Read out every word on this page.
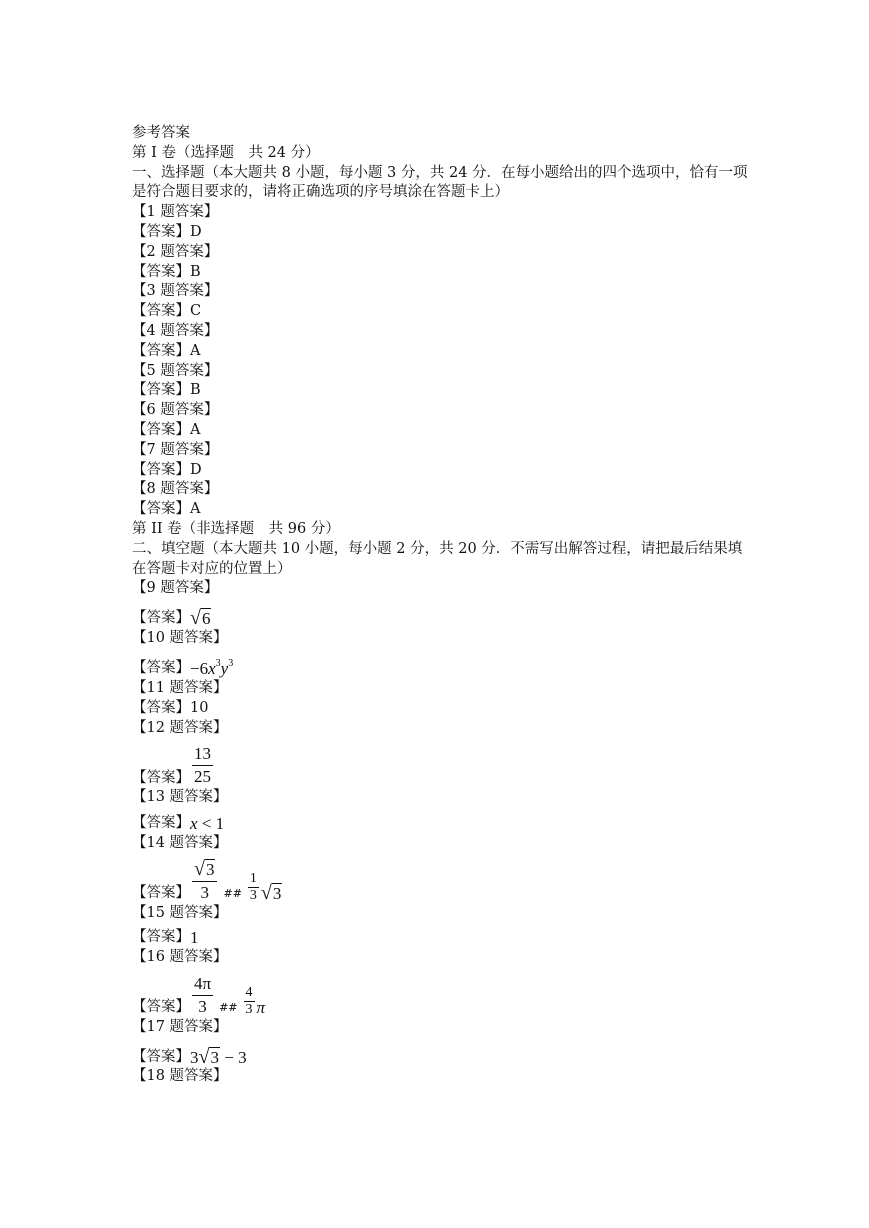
参考答案
第 I 卷（选择题　共 24 分）
一、选择题（本大题共 8 小题，每小题 3 分，共 24 分．在每小题给出的四个选项中，恰有一项是符合题目要求的，请将正确选项的序号填涂在答题卡上）
【1 题答案】
【答案】D
【2 题答案】
【答案】B
【3 题答案】
【答案】C
【4 题答案】
【答案】A
【5 题答案】
【答案】B
【6 题答案】
【答案】A
【7 题答案】
【答案】D
【8 题答案】
【答案】A
第 II 卷（非选择题　共 96 分）
二、填空题（本大题共 10 小题，每小题 2 分，共 20 分．不需写出解答过程，请把最后结果填在答题卡对应的位置上）
【9 题答案】
【答案】 √6
【10 题答案】
【答案】 $-6x^3y^3$
【11 题答案】
【答案】10
【12 题答案】
【答案】 $\frac{13}{25}$
【13 题答案】
【答案】 x < 1
【14 题答案】
【答案】 $\frac{√3}{3}$ ## $\frac{1}{3} √3$
【15 题答案】
【答案】 1
【16 题答案】
【答案】 $\frac{4\pi}{3}$ ## $\frac{4}{3}$ π
【17 题答案】
【答案】 3√3 − 3
【18 题答案】
